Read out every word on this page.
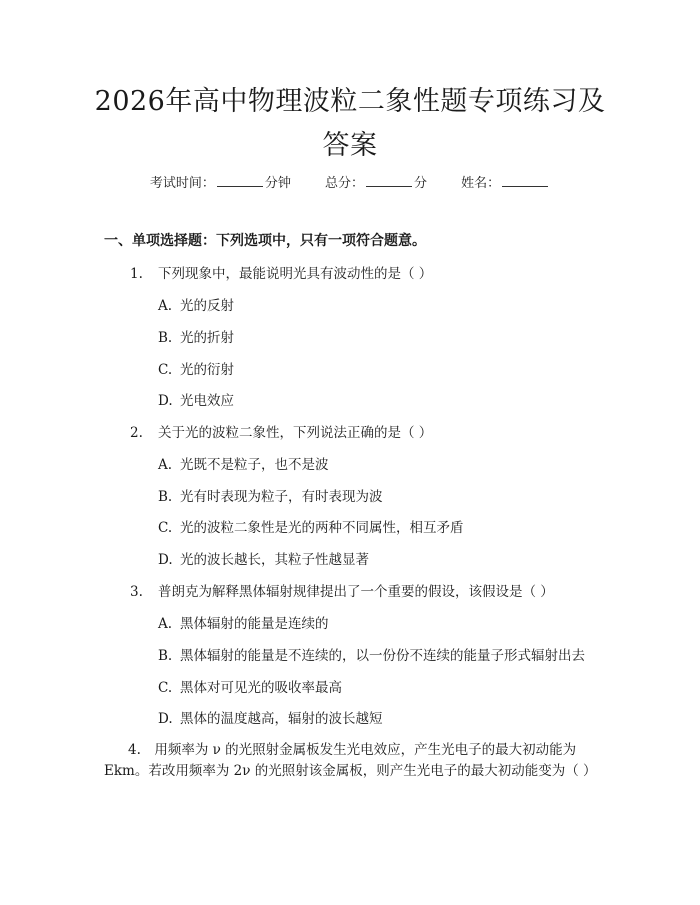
2026年高中物理波粒二象性题专项练习及答案
考试时间：	分钟	总分：	分	姓名：
一、单项选择题：下列选项中，只有一项符合题意。
1. 下列现象中，最能说明光具有波动性的是（ ）
A. 光的反射
B. 光的折射
C. 光的衍射
D. 光电效应
2. 关于光的波粒二象性，下列说法正确的是（ ）
A. 光既不是粒子，也不是波
B. 光有时表现为粒子，有时表现为波
C. 光的波粒二象性是光的两种不同属性，相互矛盾
D. 光的波长越长，其粒子性越显著
3. 普朗克为解释黑体辐射规律提出了一个重要的假设，该假设是（ ）
A. 黑体辐射的能量是连续的
B. 黑体辐射的能量是不连续的，以一份份不连续的能量子形式辐射出去
C. 黑体对可见光的吸收率最高
D. 黑体的温度越高，辐射的波长越短
4.　用频率为 ν 的光照射金属板发生光电效应，产生光电子的最大初动能为Ekm。若改用频率为 2ν 的光照射该金属板，则产生光电子的最大初动能变为（ ）
